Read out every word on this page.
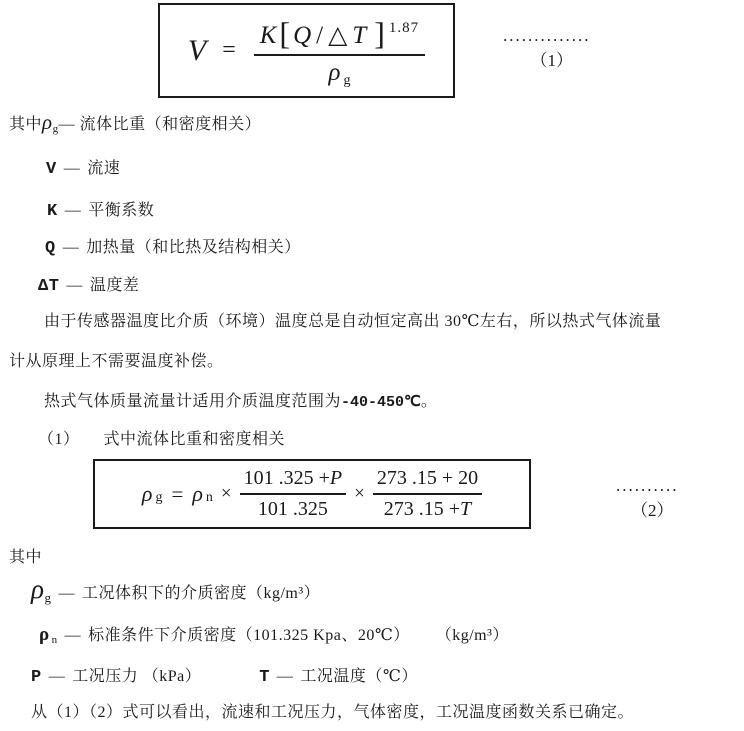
$V = \frac{K [ Q / \triangle T ] 1.87}{\text{ρ g}}$	..............
（1）
其中ρg— 流体比重（和密度相关）
V — 流速
K — 平衡系数
Q — 加热量（和比热及结构相关）
ΔT — 温度差
由于传感器温度比介质（环境）温度总是自动恒定高出 30℃左右，所以热式气体流量
计从原理上不需要温度补偿。
热式气体质量流量计适用介质温度范围为-40-450℃。
（1） 式中流体比重和密度相关
ρ g = ρ $n \times \frac{101 .325 + P}{101 .325} \times \frac{273 .15 + 20}{273 .15 + T}$	..........
（2）
其中
$\rho_g$ — 工况体积下的介质密度（kg/m³）
ρn — 标准条件下介质密度（101.325 Kpa、20℃） （kg/m³）
P — 工况压力 （kPa）	T — 工况温度（℃）
从（1）（2）式可以看出，流速和工况压力，气体密度，工况温度函数关系已确定。
